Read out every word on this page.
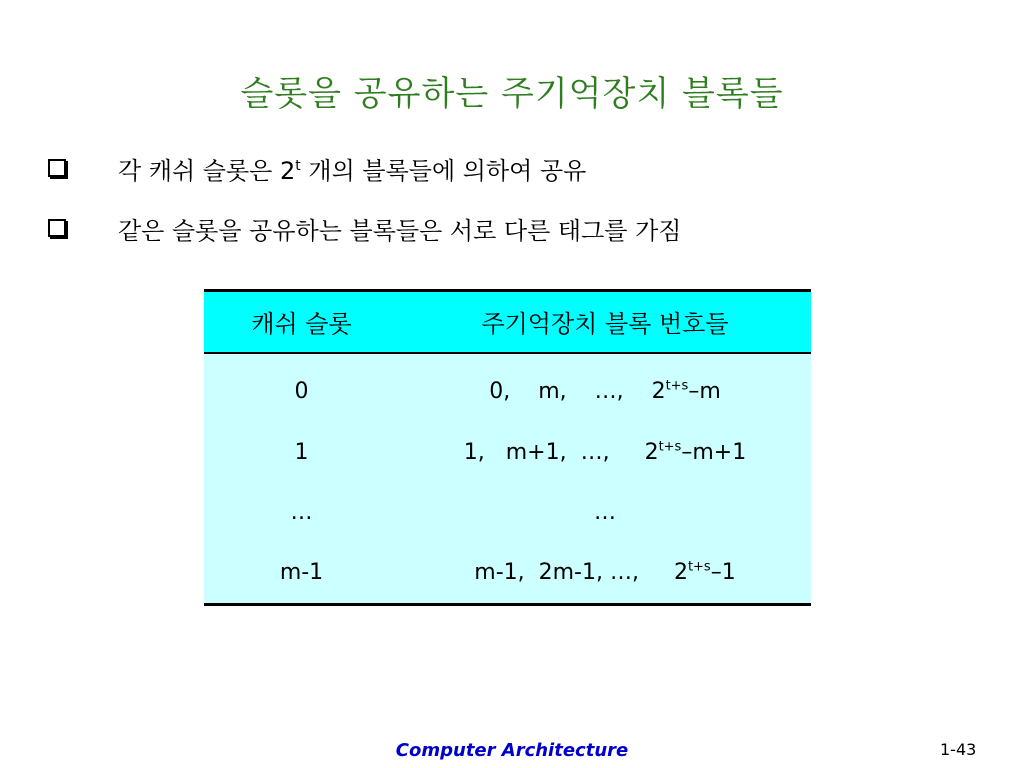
슬롯을 공유하는 주기억장치 블록들
각 캐쉬 슬롯은 2$^t$ 개의 블록들에 의하여 공유
같은 슬롯을 공유하는 블록들은 서로 다른 태그를 가짐
캐쉬 슬롯	주기억장치 블록 번호들
0	0,    m,    …,    $2^{t+s}-m$
1	1,   m+1,  …,     $2^{t+s}-m+1$
…	…
m-1	m-1,  2m-1, …,     $2^{t+s}-1$
Computer Architecture	1-43
